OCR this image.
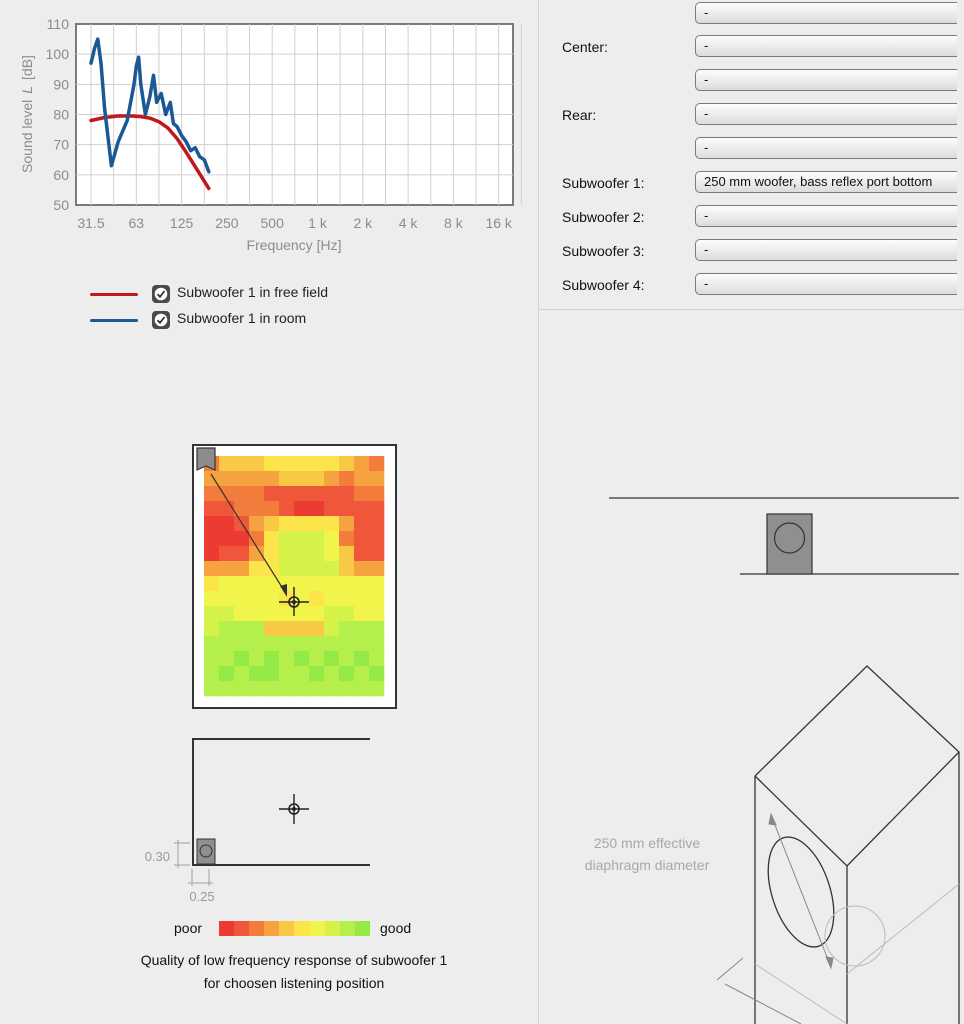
110
100
90
80
70
60
50
31.5 63 125 250 500 1 k 2 k 4 k 8 k 16 k
Frequency [Hz]
Sound levelL[dB]
Subwoofer 1 in free field
Subwoofer 1 in room
0.30
0.25
poor	good
Quality of low frequency response of subwoofer 1
for choosen listening position
-
Center:	-
-
Rear:	-
-
Subwoofer 1:	250 mm woofer, bass reflex port bottom
Subwoofer 2:	-
Subwoofer 3:	-
Subwoofer 4:	-
250 mm effective
diaphragm diameter
